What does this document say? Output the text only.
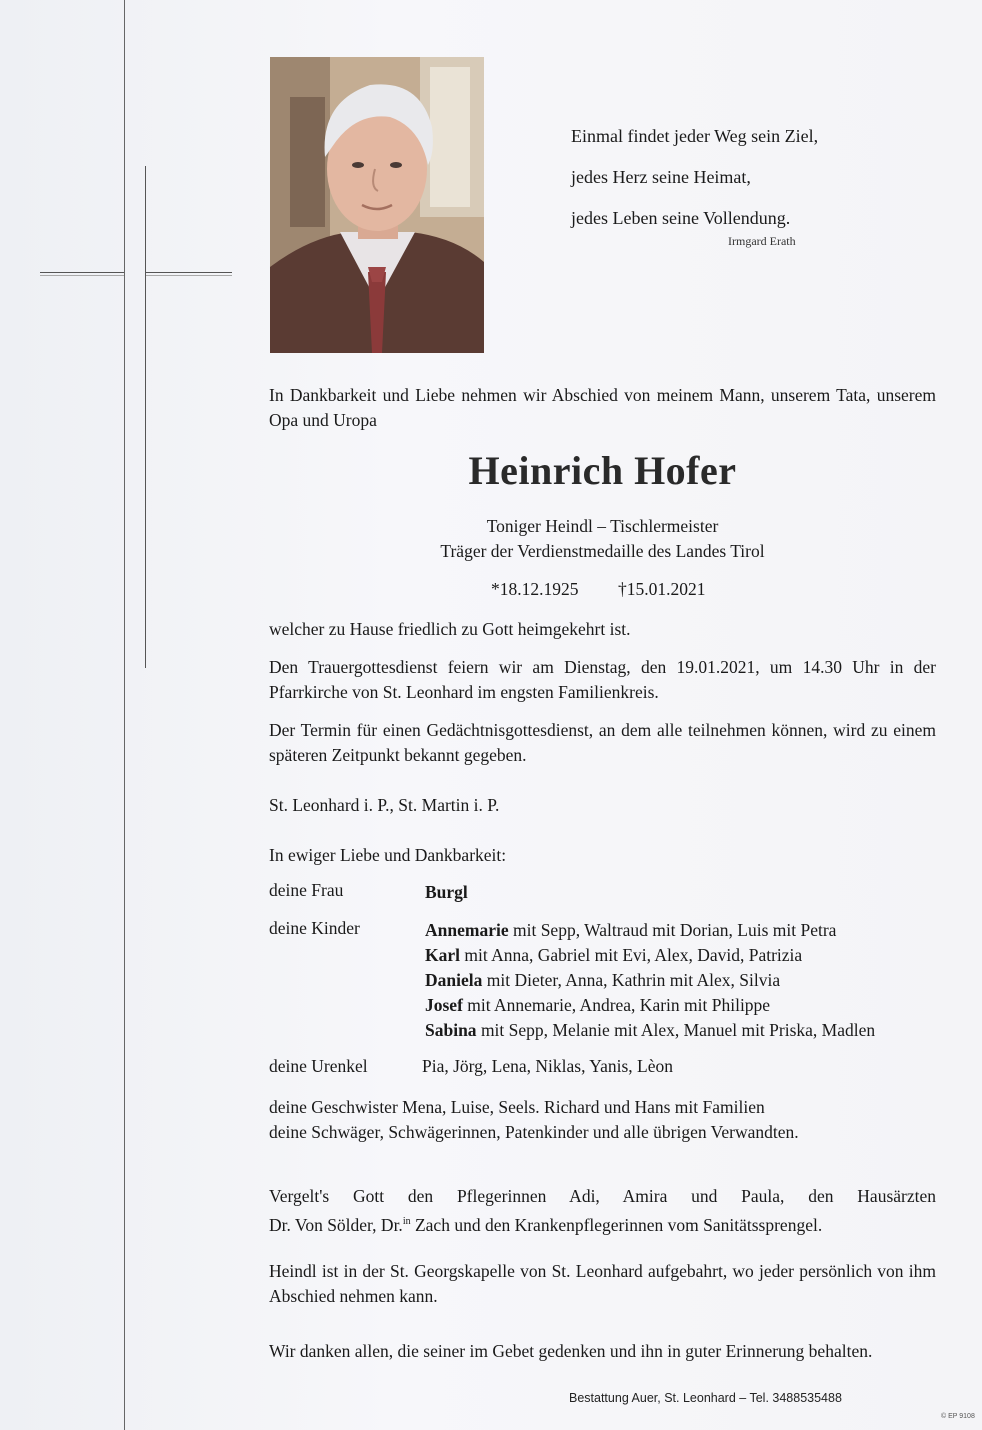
Einmal findet jeder Weg sein Ziel,
jedes Herz seine Heimat,
jedes Leben seine Vollendung.
Irmgard Erath
In Dankbarkeit und Liebe nehmen wir Abschied von meinem Mann, unserem Tata, unserem Opa und Uropa
Heinrich Hofer
Toniger Heindl – Tischlermeister
Träger der Verdienstmedaille des Landes Tirol
*18.12.1925 †15.01.2021
welcher zu Hause friedlich zu Gott heimgekehrt ist.
Den Trauergottesdienst feiern wir am Dienstag, den 19.01.2021, um 14.30 Uhr in der Pfarrkirche von St. Leonhard im engsten Familienkreis.
Der Termin für einen Gedächtnisgottesdienst, an dem alle teilnehmen können, wird zu einem späteren Zeitpunkt bekannt gegeben.
St. Leonhard i. P., St. Martin i. P.
In ewiger Liebe und Dankbarkeit:
deine Frau	Burgl
deine Kinder	Annemarie mit Sepp, Waltraud mit Dorian, Luis mit Petra
Karl mit Anna, Gabriel mit Evi, Alex, David, Patrizia
Daniela mit Dieter, Anna, Kathrin mit Alex, Silvia
Josef mit Annemarie, Andrea, Karin mit Philippe
Sabina mit Sepp, Melanie mit Alex, Manuel mit Priska, Madlen
deine Urenkel	Pia, Jörg, Lena, Niklas, Yanis, Lèon
deine Geschwister Mena, Luise, Seels. Richard und Hans mit Familien
deine Schwäger, Schwägerinnen, Patenkinder und alle übrigen Verwandten.
Vergelt's Gott den Pflegerinnen Adi, Amira und Paula, den Hausärzten
Dr. Von Sölder, Dr.$^{in}$ Zach und den Krankenpflegerinnen vom Sanitätssprengel.
Heindl ist in der St. Georgskapelle von St. Leonhard aufgebahrt, wo jeder persönlich von ihm Abschied nehmen kann.
Wir danken allen, die seiner im Gebet gedenken und ihn in guter Erinnerung behalten.
Bestattung Auer, St. Leonhard – Tel. 3488535488
© EP 9108
